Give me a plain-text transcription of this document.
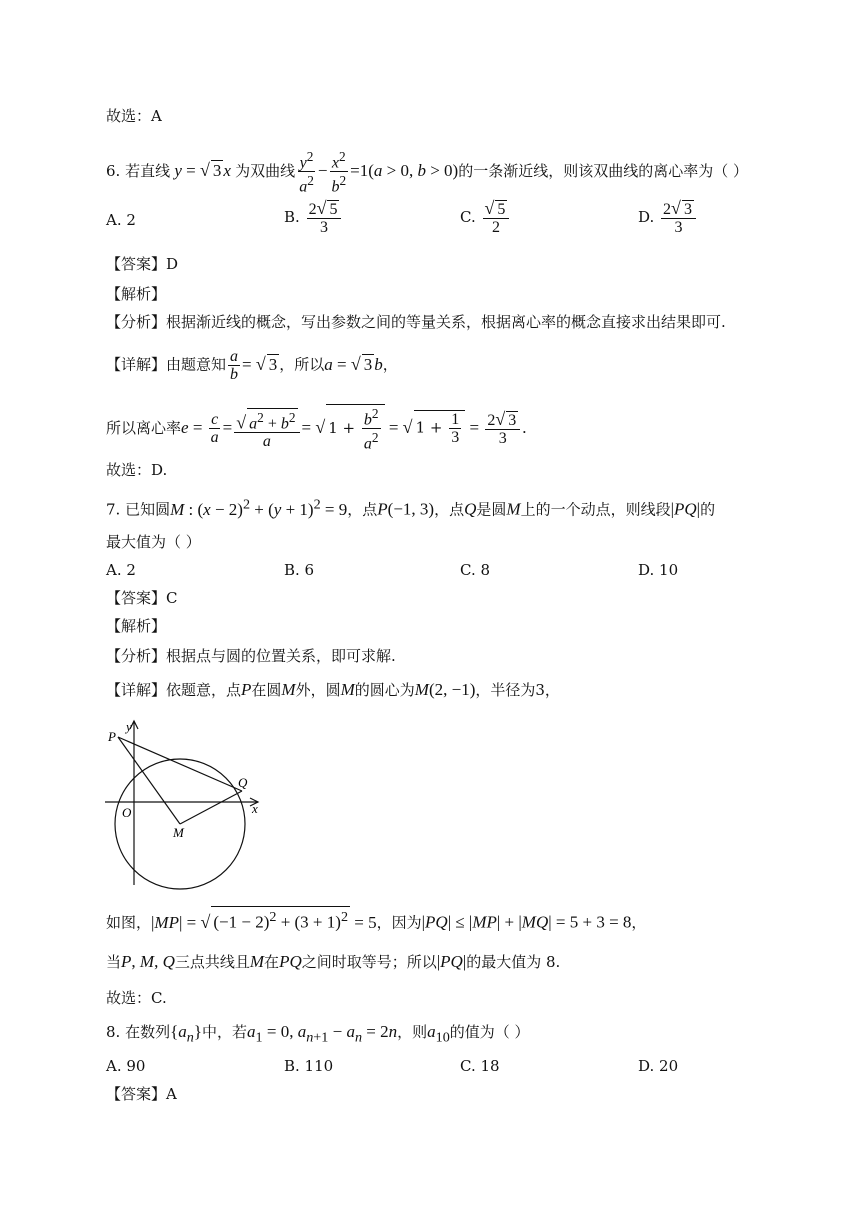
故选：A
6. 若直线 y = √ 3 x 为双曲线 $\frac{y^2}{a^2} - \frac{x^2}{b^2} =1(a > 0$, b > 0)的一条渐近线，则该双曲线的离心率为（ ）
A. 2	B. $\frac{2√ 5}{3}$	C. $\frac{√ 5}{2}$	D. $\frac{2√ 3}{3}$
【答案】D
【解析】
【分析】根据渐近线的概念，写出参数之间的等量关系，根据离心率的概念直接求出结果即可.
【详解】由题意知 $\frac{a}{b}$ = √ 3 ，所以a = √ 3 b，
所以离心率$e = \frac{c}{a} = \frac{√ a^2 + b^2}{a}$ = √ $1 + \frac{b^2}{a^2}$ = √ $1 + \frac{1}{3} = \frac{2√ 3}{3}$ .
故选：D.
7. 已知圆M : $(x - 2)^2 + (y + 1)^2 = 9$，点P(−1, 3)，点Q是圆M上的一个动点，则线段|PQ|的
最大值为（ ）
A. 2	B. 6	C. 8	D. 10
【答案】C
【解析】
【分析】根据点与圆的位置关系，即可求解.
【详解】依题意，点P在圆M外，圆M的圆心为M(2, −1)，半径为3，
P
y
Q
O	x
M
如图，|MP| = √ $(-1 - 2)^2 + (3 + 1)^2 = 5$，因为|PQ| ≤ |MP| + |MQ| = 5 + 3 = 8，
当P, M, Q三点共线且M在PQ之间时取等号；所以|PQ|的最大值为 8.
故选：C.
8. 在数列$\{a_n\}$中，若$a_1 = 0$, $a_{n+1} - a_n = 2n$，则$a_{10}$的值为（ ）
A. 90	B. 110	C. 18	D. 20
【答案】A
